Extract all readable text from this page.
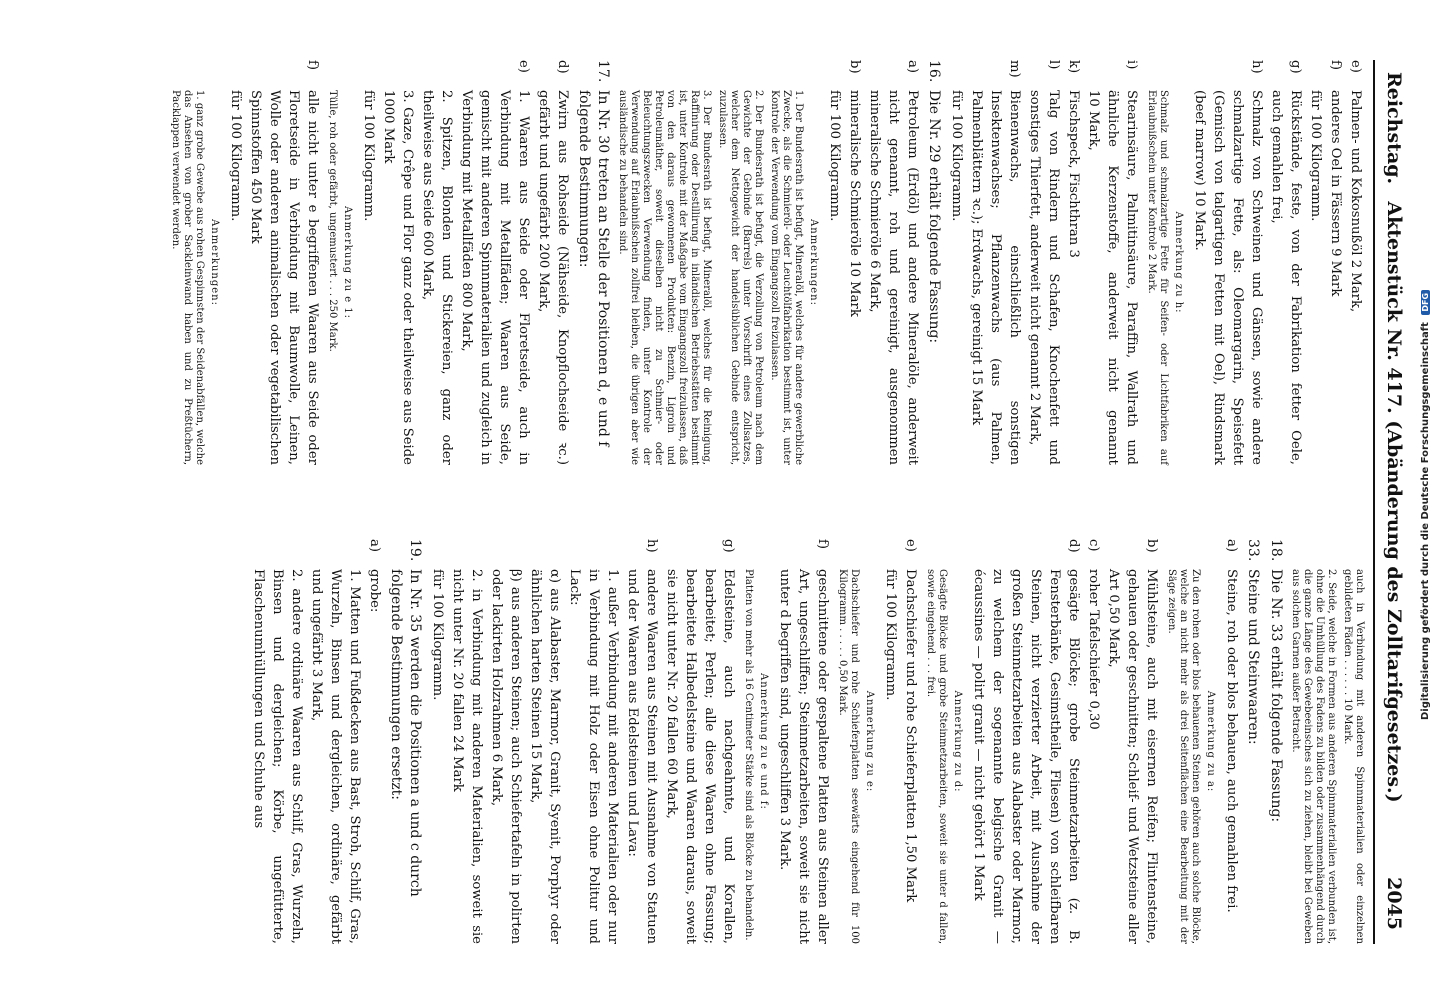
Reichstag.
Aktenstück Nr. 417. (Abänderung des Zolltarifgesetzes.)
2045
e)
Palmen- und Kokosnußöl 2 Mark,
f)
anderes Oel in Fässern 9 Mark
für 100 Kilogramm.
g)
Rückstände, feste, von der Fabrikation fetter Oele, auch gemahlen frei,
h)
Schmalz von Schweinen und Gänsen, sowie andere schmalzartige Fette, als: Oleomargarin, Speisefett (Gemisch von talgartigen Fetten mit Oel), Rindsmark (beef marrow) 10 Mark.
Anmerkung zu h:
Schmalz und schmalzartige Fette für Seifen- oder Lichtfabriken auf Erlaubnißschein unter Kontrole 2 Mark.
i)
Stearinsäure, Palmitinsäure, Paraffin, Wallrath und ähnliche Kerzenstoffe, anderweit nicht genannt 10 Mark,
k)
Fischspeck, Fischthran 3
l)
Talg von Rindern und Schafen, Knochenfett und sonstiges Thierfett, anderweit nicht genannt 2 Mark,
m)
Bienenwachs, einschließlich sonstigen Insektenwachses; Pflanzenwachs (aus Palmen, Palmenblättern ꝛc.); Erdwachs, gereinigt 15 Mark
für 100 Kilogramm.
16.
Die Nr. 29 erhält folgende Fassung:
a)
Petroleum (Erdöl) und andere Mineralöle, anderweit nicht genannt, roh und gereinigt, ausgenommen mineralische Schmieröle 6 Mark,
b)
mineralische Schmieröle 10 Mark
für 100 Kilogramm.
Anmerkungen:
1. Der Bundesrath ist befugt, Mineralöl, welches für andere gewerbliche Zwecke, als die Schmieröl- oder Leuchtölfabrikation bestimmt ist, unter Kontrole der Verwendung vom Eingangszoll freizulassen.
2. Der Bundesrath ist befugt, die Verzollung von Petroleum nach dem Gewichte der Gebinde (Barrels) unter Vorschrift eines Zollsatzes, welcher dem Nettogewicht der handelsüblichen Gebinde entspricht, zuzulassen.
3. Der Bundesrath ist befugt, Mineralöl, welches für die Reinigung, Raffinirung oder Destillirung in inländischen Betriebsstätten bestimmt ist, unter Kontrole mit der Maßgabe vom Eingangszoll freizulassen, daß von den daraus gewonnenen Produkten: Benzin, Ligroin und Petroleumäther, soweit dieselben nicht zu Schmier- oder Beleuchtungszwecken Verwendung finden, unter Kontrole der Verwendung auf Erlaubnißschein zollfrei bleiben, die übrigen aber wie ausländische zu behandeln sind.
17.
In Nr. 30 treten an Stelle der Positionen d, e und f folgende Bestimmungen:
d)
Zwirn aus Rohseide (Nähseide, Knopflochseide ꝛc.) gefärbt und ungefärbt 200 Mark,
e)
1. Waaren aus Seide oder Floretseide, auch in Verbindung mit Metallfäden; Waaren aus Seide, gemischt mit anderen Spinnmaterialien und zugleich in Verbindung mit Metallfäden 800 Mark,
2. Spitzen, Blonden und Stickereien, ganz oder theilweise aus Seide 600 Mark,
3. Gaze, Crêpe und Flor ganz oder theilweise aus Seide 1000 Mark
für 100 Kilogramm.
Anmerkung zu e 1:
Tülle, roh oder gefärbt, ungemustert . . . 250 Mark.
f)
alle nicht unter e begriffenen Waaren aus Seide oder Floretseide in Verbindung mit Baumwolle, Leinen, Wolle oder anderen animalischen oder vegetabilischen Spinnstoffen 450 Mark
für 100 Kilogramm.
Anmerkungen:
1. ganz grobe Gewebe aus rohen Gespinnsten der Seidenabfällen, welche das Ansehen von grober Sackleinwand haben und zu Preßtüchern, Packlappen verwendet werden.
auch in Verbindung mit anderen Spinnmaterialien oder einzelnen gebildeten Fäden . . . . . . 10 Mark.
2. Seide, welche in Formen aus anderen Spinnmaterialien verbunden ist, ohne die Umhüllung des Fadens zu bilden oder zusammenhängend durch die ganze Länge des Gewebeeinsches sich zu ziehen, bleibt bei Geweben aus solchen Garnen außer Betracht.
18.
Die Nr. 33 erhält folgende Fassung:
33.
Steine und Steinwaaren:
a)
Steine, roh oder blos behauen, auch gemahlen frei.
Anmerkung zu a:
Zu den rohen oder blos behauenen Steinen gehören auch solche Blöcke, welche an nicht mehr als drei Seitenflächen eine Bearbeitung mit der Säge zeigen.
b)
Mühlsteine, auch mit eisernen Reifen; Flintensteine, gehauen oder geschnitten; Schleif- und Wetzsteine aller Art 0,50 Mark,
c)
roher Tafelschiefer 0,30
d)
gesägte Blöcke; grobe Steinmetzarbeiten (z. B. Fensterbänke, Gesimstheile, Fliesen) von schleifbaren Steinen, nicht verzierter Arbeit, mit Ausnahme der großen Steinmetzarbeiten aus Alabaster oder Marmor, zu welchem der sogenannte belgische Granit — écaussines — polirt granit — nicht gehört 1 Mark
Anmerkung zu d:
Gesägte Blöcke und grobe Steinmetzarbeiten, soweit sie unter d fallen, sowie eingehend . . . frei.
e)
Dachschiefer und rohe Schieferplatten 1,50 Mark
für 100 Kilogramm.
Anmerkung zu e:
Dachschiefer und rohe Schieferplatten seewärts eingehend für 100 Kilogramm . . . . . 0,50 Mark.
f)
geschnittene oder gespaltene Platten aus Steinen aller Art, ungeschliffen; Steinmetzarbeiten, soweit sie nicht unter d begriffen sind, ungeschliffen 3 Mark.
Anmerkung zu e und f:
Platten von mehr als 16 Centimeter Stärke sind als Blöcke zu behandeln.
g)
Edelsteine, auch nachgeahmte, und Korallen, bearbeitet; Perlen; alle diese Waaren ohne Fassung; bearbeitete Halbedelsteine und Waaren daraus, soweit sie nicht unter Nr. 20 fallen 60 Mark,
h)
andere Waaren aus Steinen mit Ausnahme von Statuen und der Waaren aus Edelsteinen und Lava:
1. außer Verbindung mit anderen Materialien oder nur in Verbindung mit Holz oder Eisen ohne Politur und Lack:
α) aus Alabaster, Marmor, Granit, Syenit, Porphyr oder ähnlichen harten Steinen 15 Mark,
β) aus anderen Steinen; auch Schiefertafeln in polirten oder lackirten Holzrahmen 6 Mark,
2. in Verbindung mit anderen Materialien, soweit sie nicht unter Nr. 20 fallen 24 Mark
für 100 Kilogramm.
19.
In Nr. 35 werden die Positionen a und c durch folgende Bestimmungen ersetzt:
a)
grobe:
1. Matten und Fußdecken aus Bast, Stroh, Schilf, Gras, Wurzeln, Binsen und dergleichen, ordinäre, gefärbt und ungefärbt 3 Mark,
2. andere ordinäre Waaren aus Schilf, Gras, Wurzeln, Binsen und dergleichen; Körbe, ungefütterte, Flaschenumhüllungen und Schuhe aus	Digitalisierung gefördert durch die Deutsche Forschungsgemeinschaft DFG
